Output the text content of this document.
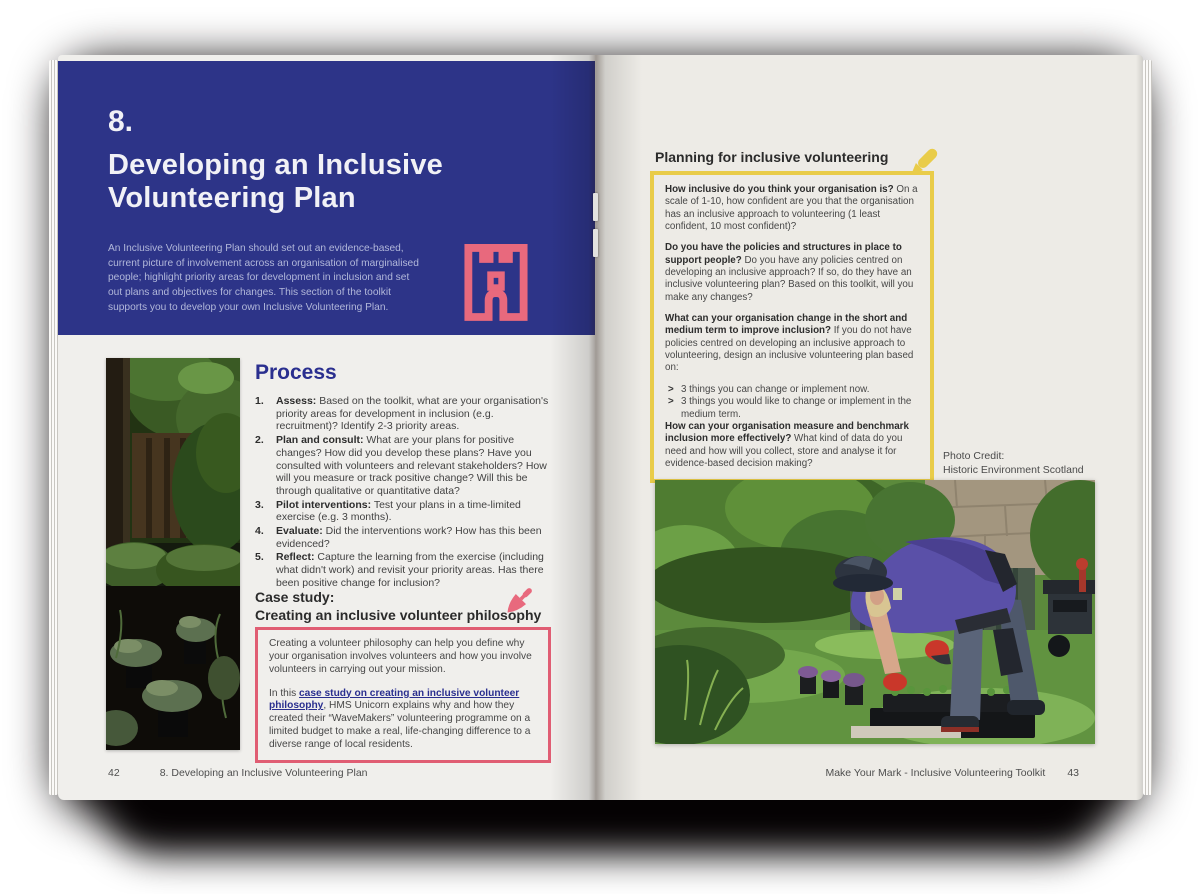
8.
Developing an Inclusive Volunteering Plan
An Inclusive Volunteering Plan should set out an evidence-based, current picture of involvement across an organisation of marginalised people; highlight priority areas for development in inclusion and set out plans and objectives for changes. This section of the toolkit supports you to develop your own Inclusive Volunteering Plan.
Process
1.	Assess: Based on the toolkit, what are your organisation's priority areas for development in inclusion (e.g. recruitment)? Identify 2-3 priority areas.
2.	Plan and consult: What are your plans for positive changes? How did you develop these plans? Have you consulted with volunteers and relevant stakeholders? How will you measure or track positive change? Will this be through qualitative or quantitative data?
3.	Pilot interventions: Test your plans in a time-limited exercise (e.g. 3 months).
4.	Evaluate: Did the interventions work? How has this been evidenced?
5.	Reflect: Capture the learning from the exercise (including what didn't work) and revisit your priority areas. Has there been positive change for inclusion?
Case study:
Creating an inclusive volunteer philosophy

Creating a volunteer philosophy can help you define why your organisation involves volunteers and how you involve volunteers in carrying out your mission.

In this case study on creating an inclusive volunteer philosophy, HMS Unicorn explains why and how they created their “WaveMakers” volunteering programme on a limited budget to make a real, life-changing difference to a diverse range of local residents.

42	8. Developing an Inclusive Volunteering Plan
Planning for inclusive volunteering

How inclusive do you think your organisation is? On a scale of 1-10, how confident are you that the organisation has an inclusive approach to volunteering (1 least confident, 10 most confident)?

Do you have the policies and structures in place to support people? Do you have any policies centred on developing an inclusive approach? If so, do they have an inclusive volunteering plan? Based on this toolkit, will you make any changes?

What can your organisation change in the short and medium term to improve inclusion? If you do not have policies centred on developing an inclusive approach to volunteering, design an inclusive volunteering plan based on:

> 3 things you can change or implement now.
> 3 things you would like to change or implement in the medium term.

How can your organisation measure and benchmark inclusion more effectively? What kind of data do you need and how will you collect, store and analyse it for evidence-based decision making?

Photo Credit:
Historic Environment Scotland
Make Your Mark - Inclusive Volunteering Toolkit 43
